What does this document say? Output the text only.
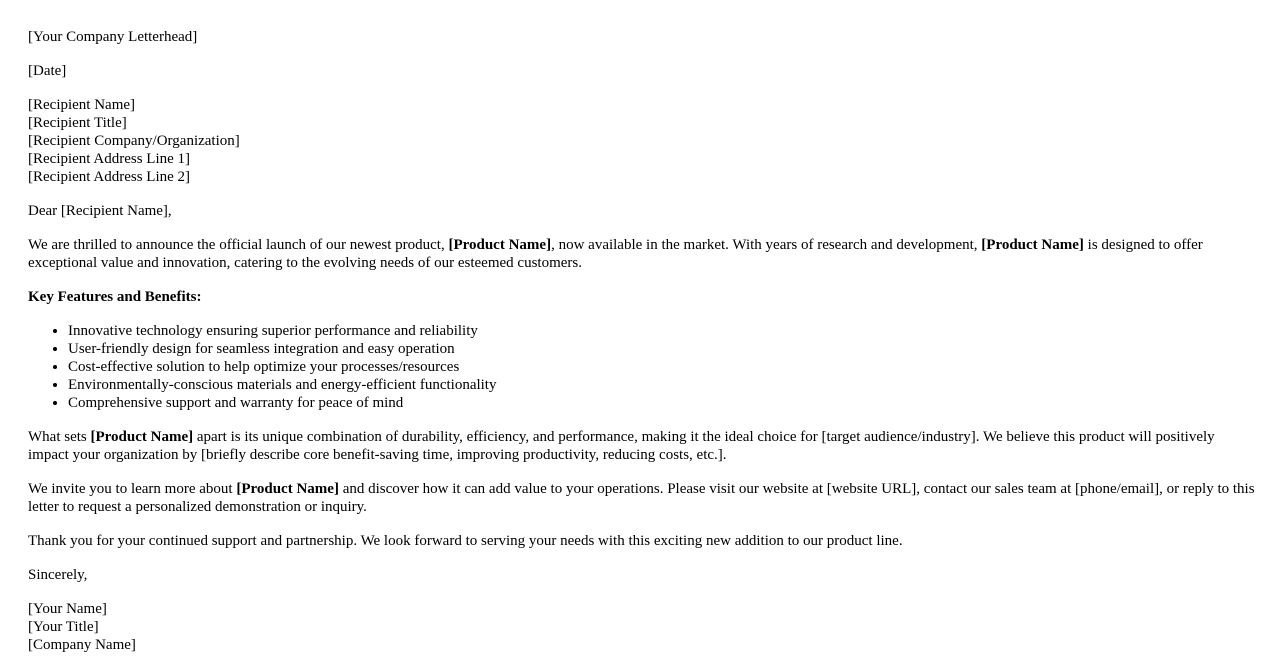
[Your Company Letterhead]

[Date]

[Recipient Name]
[Recipient Title]
[Recipient Company/Organization]
[Recipient Address Line 1]
[Recipient Address Line 2]

Dear [Recipient Name],

We are thrilled to announce the official launch of our newest product, [Product Name], now available in the market. With years of research and development, [Product Name] is designed to offer exceptional value and innovation, catering to the evolving needs of our esteemed customers.

Key Features and Benefits:

• Innovative technology ensuring superior performance and reliability
• User-friendly design for seamless integration and easy operation
• Cost-effective solution to help optimize your processes/resources
• Environmentally-conscious materials and energy-efficient functionality
• Comprehensive support and warranty for peace of mind

What sets [Product Name] apart is its unique combination of durability, efficiency, and performance, making it the ideal choice for [target audience/industry]. We believe this product will positively impact your organization by [briefly describe core benefit-saving time, improving productivity, reducing costs, etc.].

We invite you to learn more about [Product Name] and discover how it can add value to your operations. Please visit our website at [website URL], contact our sales team at [phone/email], or reply to this letter to request a personalized demonstration or inquiry.

Thank you for your continued support and partnership. We look forward to serving your needs with this exciting new addition to our product line.

Sincerely,

[Your Name]
[Your Title]
[Company Name]
